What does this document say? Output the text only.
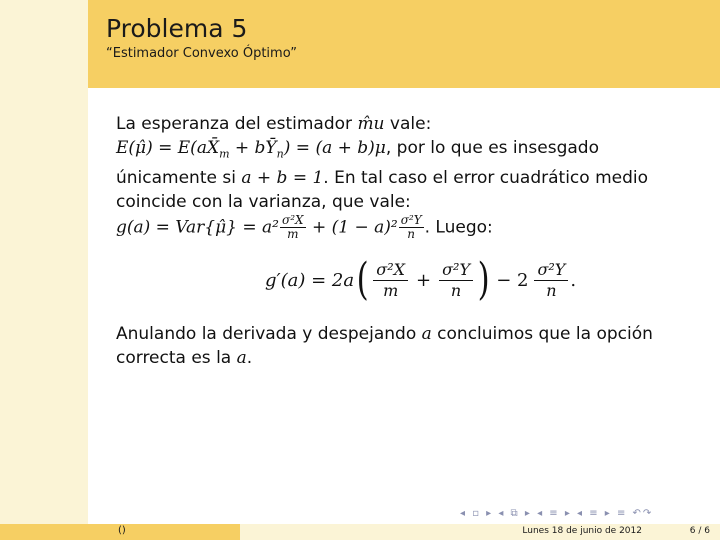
Problema 5
“Estimador Convexo Óptimo”

La esperanza del estimador m̂u vale:

E(μ̂) = $E(aX̄_m$ + $bȲ_n) = (a + b)\mu$, por lo que es insesgado

únicamente si a + b = 1. En tal caso el error cuadrático medio

coincide con la varianza, que vale:

g(a) = Var{μ̂} = $a^2 \frac{\text{σ²X}}{m} + (1 - a)^2 \frac{\text{σ²Y}}{n}$ . Luego:

g′(a) = 2a ( $\frac{\text{σ²X}}{m} + \frac{\text{σ²Y}}{n}$ ) − $2 \frac{\text{σ²Y}}{n}$ .

Anulando la derivada y despejando a concluimos que la opción

correcta es la a.

◂ ▫ ▸ ◂ ⧉ ▸ ◂ ≡ ▸ ◂ ≡ ▸ ≡ ↶↷
()	Lunes 18 de junio de 2012	6 / 6
